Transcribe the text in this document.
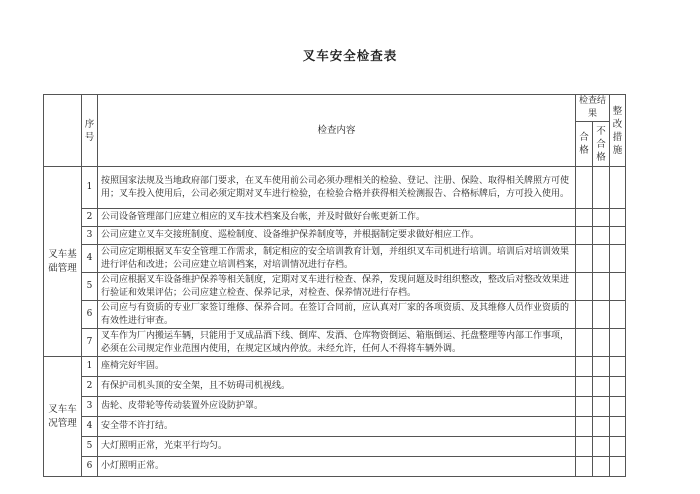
叉车安全检查表
	序号	检查内容	检查结果		整改措施
			合格	不合格	
叉车基础管理	1	按照国家法规及当地政府部门要求，在叉车使用前公司必须办理相关的检验、登记、注册、保险、取得相关牌照方可使用；叉车投入使用后，公司必须定期对叉车进行检验，在检验合格并获得相关检测报告、合格标牌后，方可投入使用。			
	2	公司设备管理部门应建立相应的叉车技术档案及台帐，并及时做好台帐更新工作。			
	3	公司应建立叉车交接班制度、巡检制度、设备维护保养制度等，并根据制定要求做好相应工作。			
	4	公司应定期根据叉车安全管理工作需求，制定相应的安全培训教育计划，并组织叉车司机进行培训。培训后对培训效果进行评估和改进；公司应建立培训档案，对培训情况进行存档。			
	5	公司应根据叉车设备维护保养等相关制度，定期对叉车进行检查、保养，发现问题及时组织整改，整改后对整改效果进行验证和效果评估；公司应建立检查、保养记录，对检查、保养情况进行存档。			
	6	公司应与有资质的专业厂家签订维修、保养合同。在签订合同前，应认真对厂家的各项资质、及其维修人员作业资质的有效性进行审查。			
	7	叉车作为厂内搬运车辆，只能用于叉成品酒下线、倒库、发酒、仓库物资倒运、箱瓶倒运、托盘整理等内部工作事项，必须在公司规定作业范围内使用，在规定区域内停放。未经允许，任何人不得将车辆外调。			
叉车车况管理	1	座椅完好牢固。			
	2	有保护司机头顶的安全架，且不妨碍司机视线。			
	3	齿轮、皮带轮等传动装置外应设防护罩。			
	4	安全带不许打结。			
	5	大灯照明正常，光束平行均匀。			
	6	小灯照明正常。			
